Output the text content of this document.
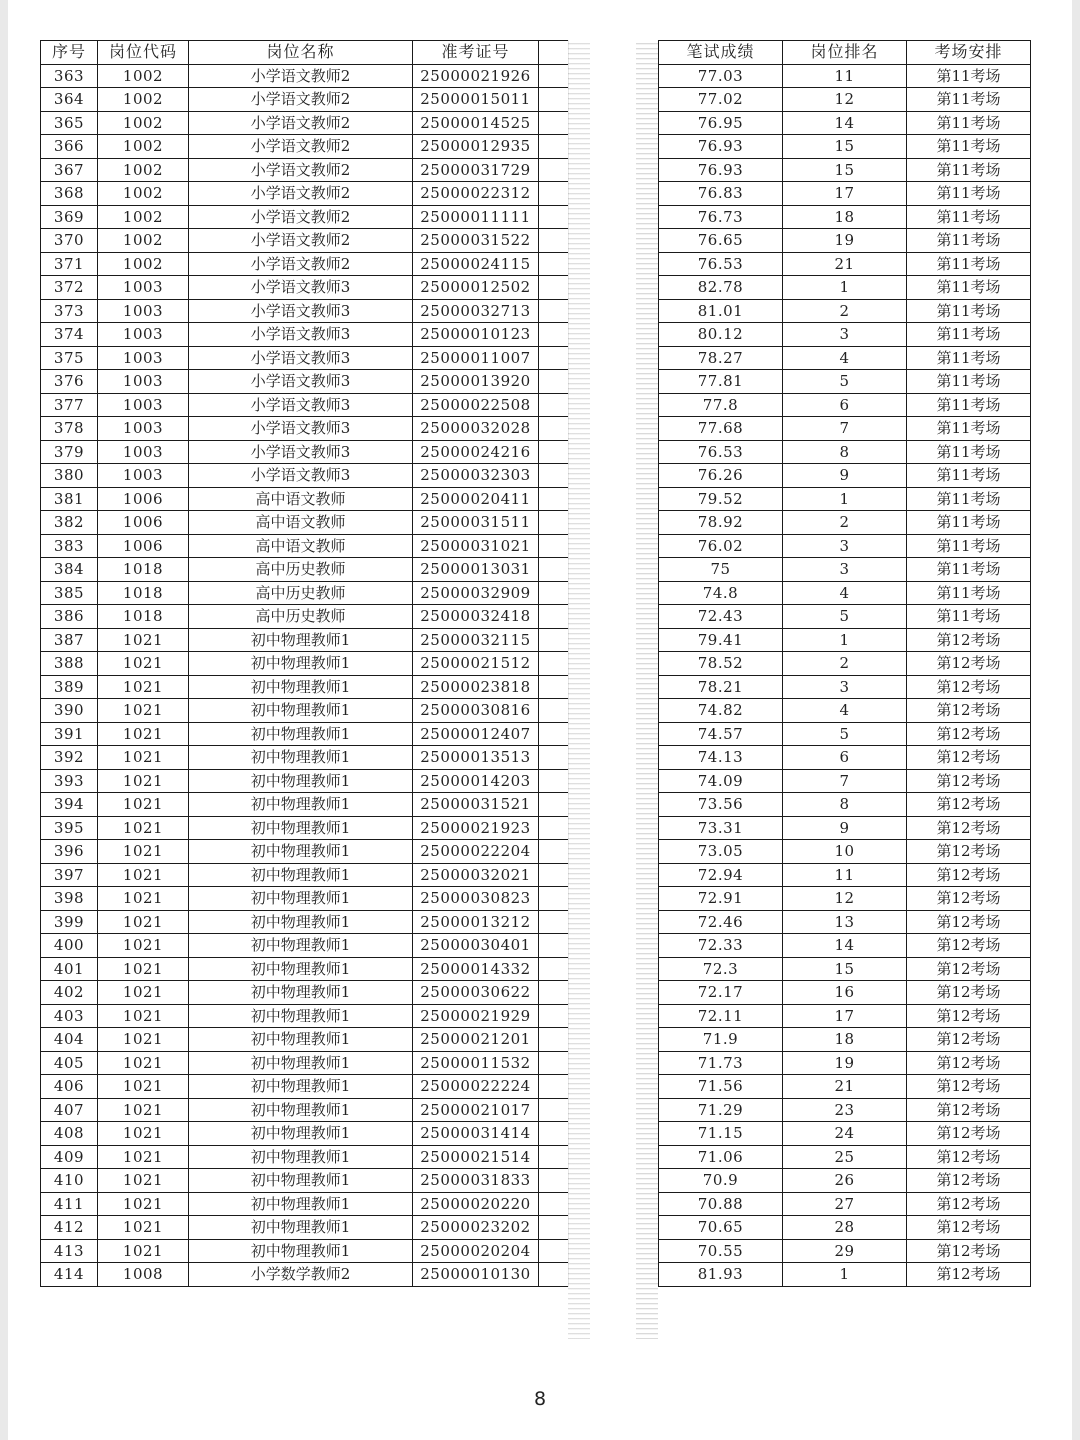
序号	岗位代码	岗位名称	准考证号	
363	1002	小学语文教师2	25000021926	
364	1002	小学语文教师2	25000015011	
365	1002	小学语文教师2	25000014525	
366	1002	小学语文教师2	25000012935	
367	1002	小学语文教师2	25000031729	
368	1002	小学语文教师2	25000022312	
369	1002	小学语文教师2	25000011111	
370	1002	小学语文教师2	25000031522	
371	1002	小学语文教师2	25000024115	
372	1003	小学语文教师3	25000012502	
373	1003	小学语文教师3	25000032713	
374	1003	小学语文教师3	25000010123	
375	1003	小学语文教师3	25000011007	
376	1003	小学语文教师3	25000013920	
377	1003	小学语文教师3	25000022508	
378	1003	小学语文教师3	25000032028	
379	1003	小学语文教师3	25000024216	
380	1003	小学语文教师3	25000032303	
381	1006	高中语文教师	25000020411	
382	1006	高中语文教师	25000031511	
383	1006	高中语文教师	25000031021	
384	1018	高中历史教师	25000013031	
385	1018	高中历史教师	25000032909	
386	1018	高中历史教师	25000032418	
387	1021	初中物理教师1	25000032115	
388	1021	初中物理教师1	25000021512	
389	1021	初中物理教师1	25000023818	
390	1021	初中物理教师1	25000030816	
391	1021	初中物理教师1	25000012407	
392	1021	初中物理教师1	25000013513	
393	1021	初中物理教师1	25000014203	
394	1021	初中物理教师1	25000031521	
395	1021	初中物理教师1	25000021923	
396	1021	初中物理教师1	25000022204	
397	1021	初中物理教师1	25000032021	
398	1021	初中物理教师1	25000030823	
399	1021	初中物理教师1	25000013212	
400	1021	初中物理教师1	25000030401	
401	1021	初中物理教师1	25000014332	
402	1021	初中物理教师1	25000030622	
403	1021	初中物理教师1	25000021929	
404	1021	初中物理教师1	25000021201	
405	1021	初中物理教师1	25000011532	
406	1021	初中物理教师1	25000022224	
407	1021	初中物理教师1	25000021017	
408	1021	初中物理教师1	25000031414	
409	1021	初中物理教师1	25000021514	
410	1021	初中物理教师1	25000031833	
411	1021	初中物理教师1	25000020220	
412	1021	初中物理教师1	25000023202	
413	1021	初中物理教师1	25000020204	
414	1008	小学数学教师2	25000010130	
笔试成绩	岗位排名	考场安排
77.03	11	第11考场
77.02	12	第11考场
76.95	14	第11考场
76.93	15	第11考场
76.93	15	第11考场
76.83	17	第11考场
76.73	18	第11考场
76.65	19	第11考场
76.53	21	第11考场
82.78	1	第11考场
81.01	2	第11考场
80.12	3	第11考场
78.27	4	第11考场
77.81	5	第11考场
77.8	6	第11考场
77.68	7	第11考场
76.53	8	第11考场
76.26	9	第11考场
79.52	1	第11考场
78.92	2	第11考场
76.02	3	第11考场
75	3	第11考场
74.8	4	第11考场
72.43	5	第11考场
79.41	1	第12考场
78.52	2	第12考场
78.21	3	第12考场
74.82	4	第12考场
74.57	5	第12考场
74.13	6	第12考场
74.09	7	第12考场
73.56	8	第12考场
73.31	9	第12考场
73.05	10	第12考场
72.94	11	第12考场
72.91	12	第12考场
72.46	13	第12考场
72.33	14	第12考场
72.3	15	第12考场
72.17	16	第12考场
72.11	17	第12考场
71.9	18	第12考场
71.73	19	第12考场
71.56	21	第12考场
71.29	23	第12考场
71.15	24	第12考场
71.06	25	第12考场
70.9	26	第12考场
70.88	27	第12考场
70.65	28	第12考场
70.55	29	第12考场
81.93	1	第12考场
8
